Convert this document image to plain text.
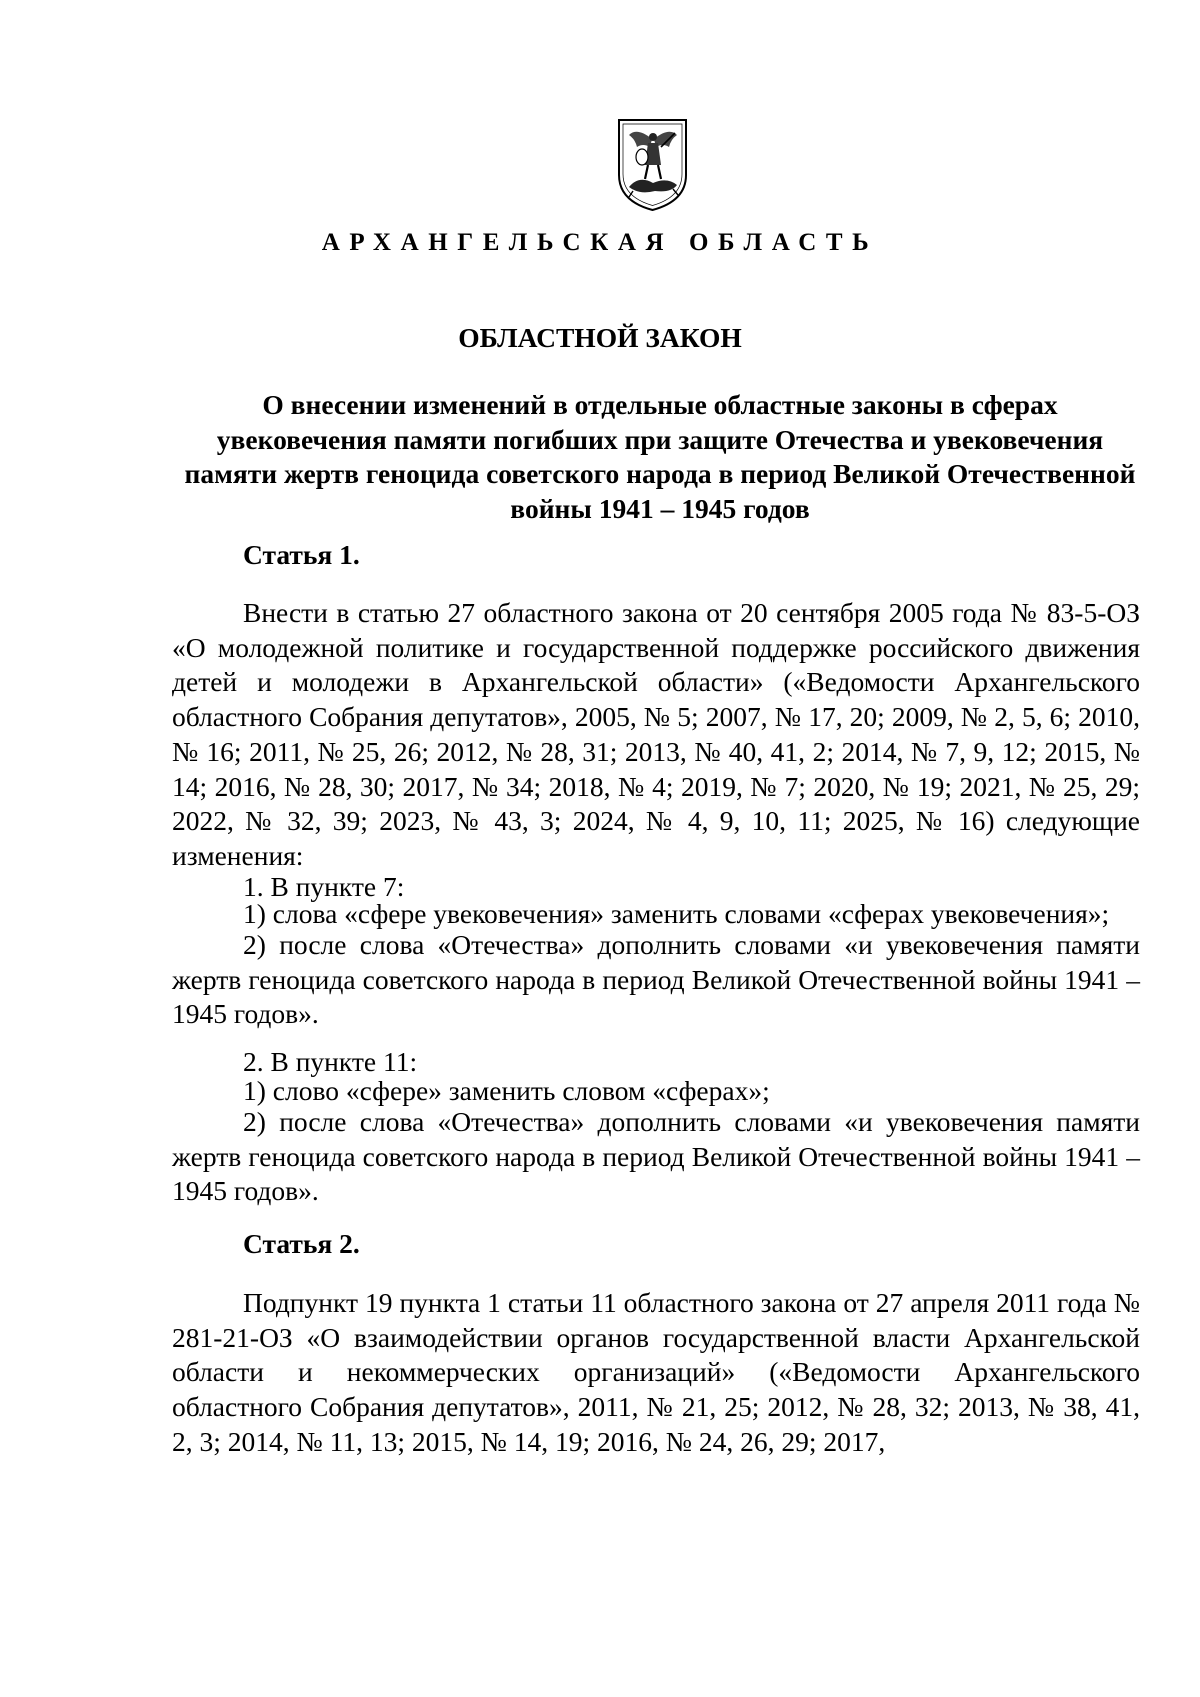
АРХАНГЕЛЬСКАЯ ОБЛАСТЬ
ОБЛАСТНОЙ ЗАКОН
О внесении изменений в отдельные областные законы в сферах увековечения памяти погибших при защите Отечества и увековечения памяти жертв геноцида советского народа в период Великой Отечественной войны 1941 – 1945 годов
Статья 1.
Внести в статью 27 областного закона от 20 сентября 2005 года № 83-5-ОЗ «О молодежной политике и государственной поддержке российского движения детей и молодежи в Архангельской области» («Ведомости Архангельского областного Собрания депутатов», 2005, № 5; 2007, № 17, 20; 2009, № 2, 5, 6; 2010, № 16; 2011, № 25, 26; 2012, № 28, 31; 2013, № 40, 41, 2; 2014, № 7, 9, 12; 2015, № 14; 2016, № 28, 30; 2017, № 34; 2018, № 4; 2019, № 7; 2020, № 19; 2021, № 25, 29; 2022, № 32, 39; 2023, № 43, 3; 2024, № 4, 9, 10, 11; 2025, № 16) следующие изменения:
1. В пункте 7:
1) слова «сфере увековечения» заменить словами «сферах увековечения»;
2) после слова «Отечества» дополнить словами «и увековечения памяти жертв геноцида советского народа в период Великой Отечественной войны 1941 – 1945 годов».
2. В пункте 11:
1) слово «сфере» заменить словом «сферах»;
2) после слова «Отечества» дополнить словами «и увековечения памяти жертв геноцида советского народа в период Великой Отечественной войны 1941 – 1945 годов».
Статья 2.
Подпункт 19 пункта 1 статьи 11 областного закона от 27 апреля 2011 года № 281-21-ОЗ «О взаимодействии органов государственной власти Архангельской области и некоммерческих организаций» («Ведомости Архангельского областного Собрания депутатов», 2011, № 21, 25; 2012, № 28, 32; 2013, № 38, 41, 2, 3; 2014, № 11, 13; 2015, № 14, 19; 2016, № 24, 26, 29; 2017,
